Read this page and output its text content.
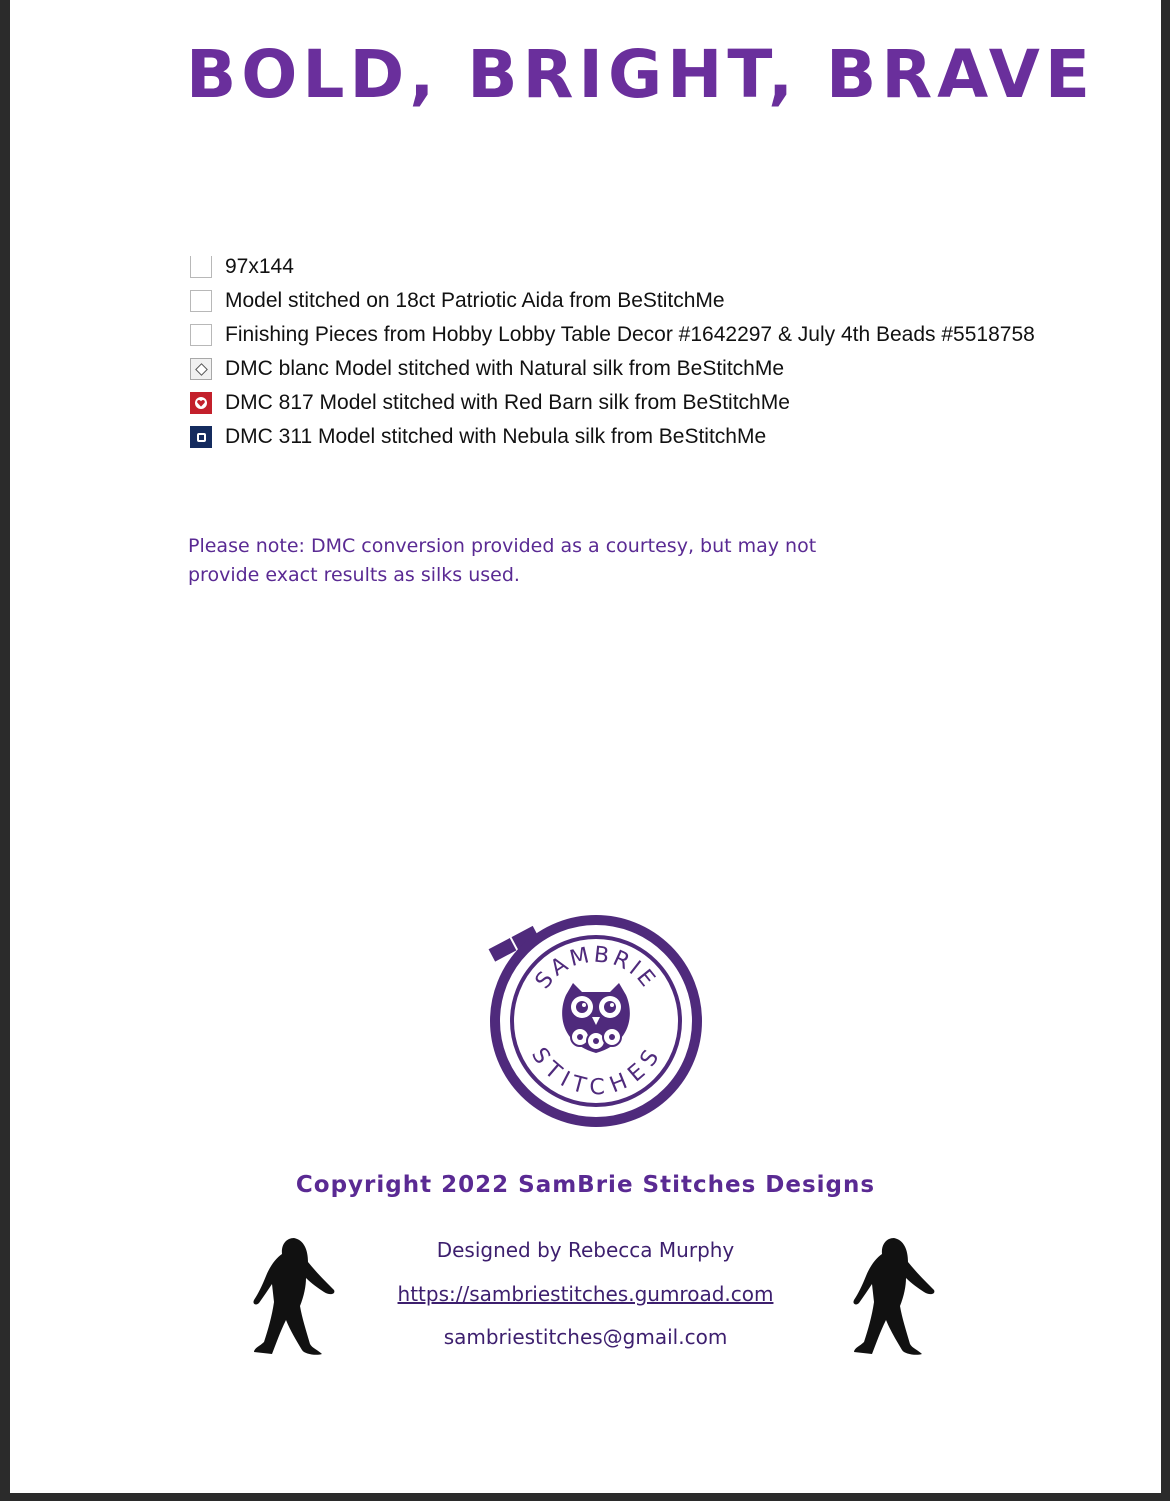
BOLD, BRIGHT, BRAVE
97x144
Model stitched on 18ct Patriotic Aida from BeStitchMe
Finishing Pieces from Hobby Lobby Table Decor #1642297 & July 4th Beads #5518758
DMC blanc Model stitched with Natural silk from BeStitchMe
DMC 817 Model stitched with Red Barn silk from BeStitchMe
DMC 311 Model stitched with Nebula silk from BeStitchMe

Please note: DMC conversion provided as a courtesy, but may not
provide exact results as silks used.

SAMBRIE
STITCHES

Copyright 2022 SamBrie Stitches Designs

Designed by Rebecca Murphy

https://sambriestitches.gumroad.com

sambriestitches@gmail.com
